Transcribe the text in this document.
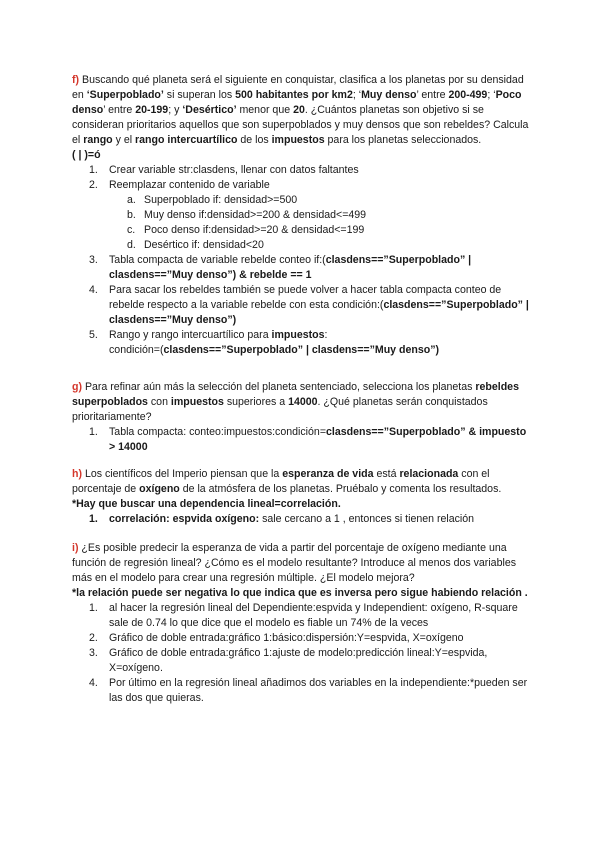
f) Buscando qué planeta será el siguiente en conquistar, clasifica a los planetas por su densidad en ‘Superpoblado’ si superan los 500 habitantes por km2; ‘Muy denso’ entre 200-499; ‘Poco denso’ entre 20-199; y ‘Desértico’ menor que 20. ¿Cuántos planetas son objetivo si se consideran prioritarios aquellos que son superpoblados y muy densos que son rebeldes? Calcula el rango y el rango intercuartílico de los impuestos para los planetas seleccionados.

( | )=ó

1. Crear variable str:clasdens, llenar con datos faltantes
2. Reemplazar contenido de variable
a. Superpoblado if: densidad>=500
b. Muy denso if:densidad>=200 & densidad<=499
c. Poco denso if:densidad>=20 & densidad<=199
d. Desértico if: densidad<20
3. Tabla compacta de variable rebelde conteo if:(clasdens==”Superpoblado” | clasdens==”Muy denso”) & rebelde == 1
4. Para sacar los rebeldes también se puede volver a hacer tabla compacta conteo de rebelde respecto a la variable rebelde con esta condición:(clasdens==”Superpoblado” | clasdens==”Muy denso”)
5. Rango y rango intercuartílico para impuestos:
condición=(clasdens==”Superpoblado” | clasdens==”Muy denso”)

g) Para refinar aún más la selección del planeta sentenciado, selecciona los planetas rebeldes superpoblados con impuestos superiores a 14000. ¿Qué planetas serán conquistados prioritariamente?

1. Tabla compacta: conteo:impuestos:condición=clasdens==”Superpoblado” & impuesto > 14000

h) Los científicos del Imperio piensan que la esperanza de vida está relacionada con el porcentaje de oxígeno de la atmósfera de los planetas. Pruébalo y comenta los resultados.

*Hay que buscar una dependencia lineal=correlación.

1. correlación: espvida oxígeno: sale cercano a 1 , entonces si tienen relación

i) ¿Es posible predecir la esperanza de vida a partir del porcentaje de oxígeno mediante una función de regresión lineal? ¿Cómo es el modelo resultante? Introduce al menos dos variables más en el modelo para crear una regresión múltiple. ¿El modelo mejora?

*la relación puede ser negativa lo que indica que es inversa pero sigue habiendo relación .

1. al hacer la regresión lineal del Dependiente:espvida y Independient: oxígeno, R-square sale de 0.74 lo que dice que el modelo es fiable un 74% de la veces
2. Gráfico de doble entrada:gráfico 1:básico:dispersión:Y=espvida, X=oxígeno
3. Gráfico de doble entrada:gráfico 1:ajuste de modelo:predicción lineal:Y=espvida, X=oxígeno.
4. Por último en la regresión lineal añadimos dos variables en la independiente:*pueden ser las dos que quieras.
